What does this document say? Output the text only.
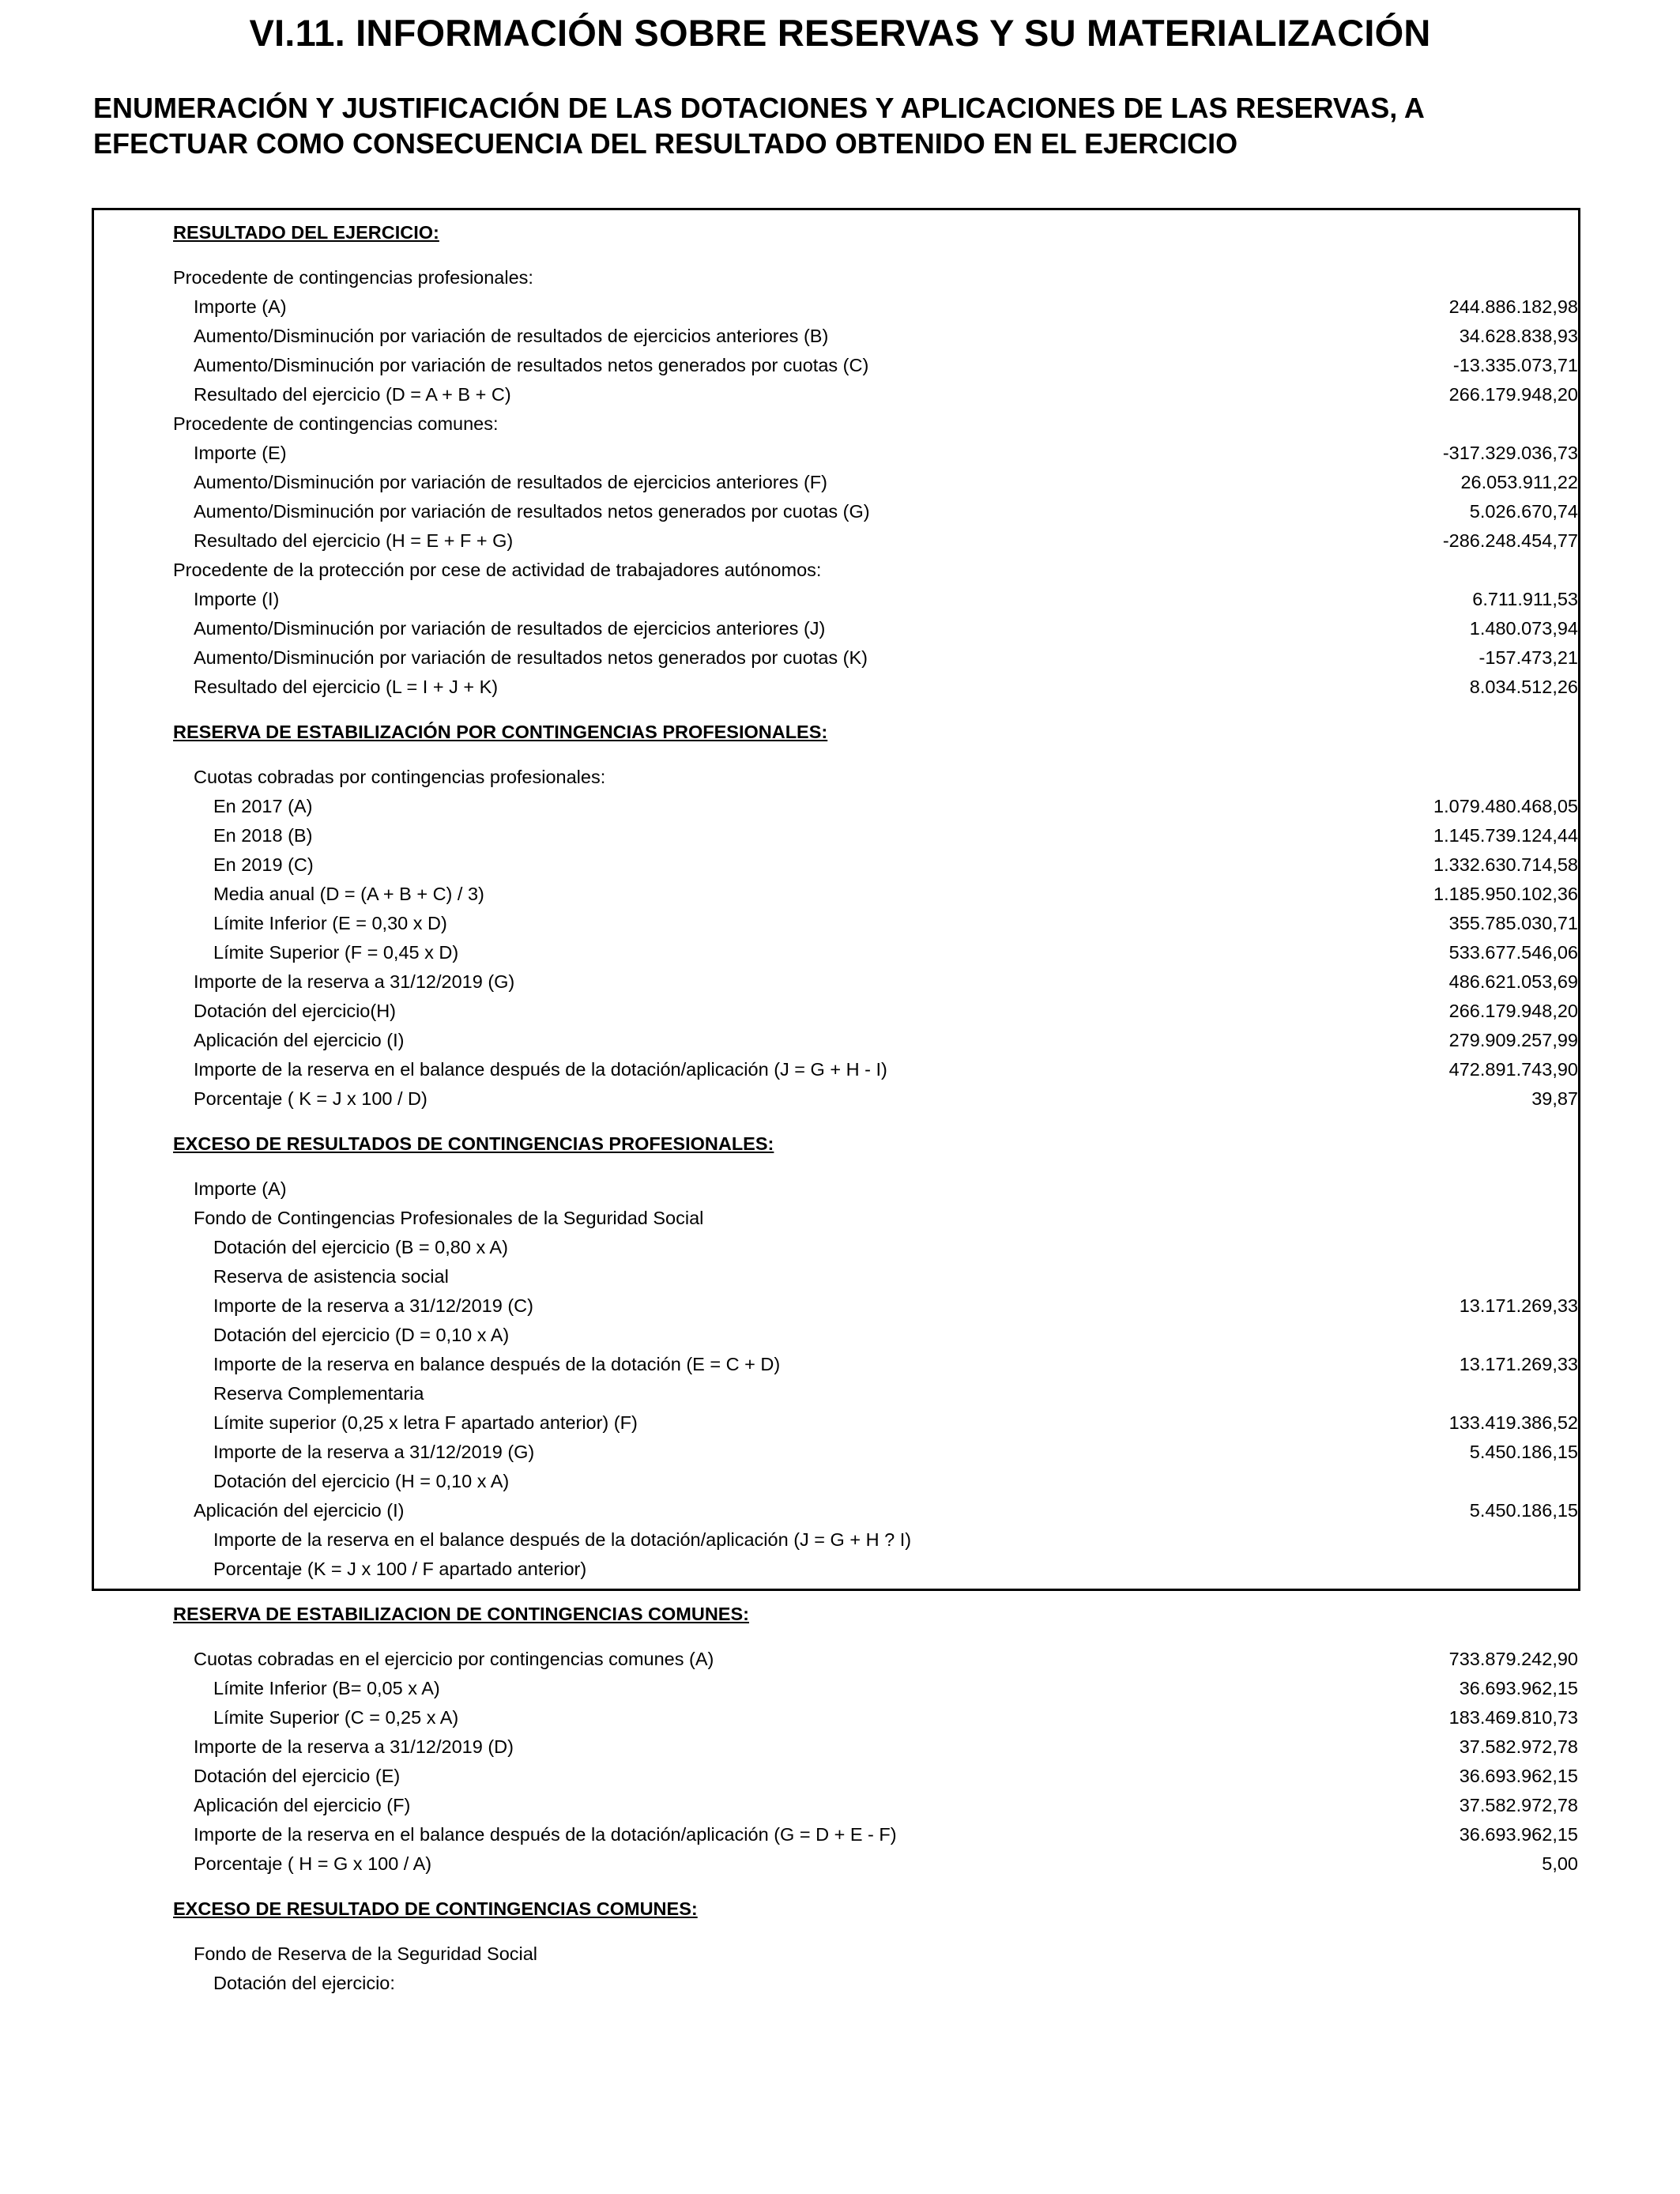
VI.11. INFORMACIÓN SOBRE RESERVAS Y SU MATERIALIZACIÓN
ENUMERACIÓN Y JUSTIFICACIÓN DE LAS DOTACIONES Y APLICACIONES DE LAS RESERVAS, A
EFECTUAR COMO CONSECUENCIA DEL RESULTADO OBTENIDO EN EL EJERCICIO
RESULTADO DEL EJERCICIO:
Procedente de contingencias profesionales:
Importe (A)	244.886.182,98
Aumento/Disminución por variación de resultados de ejercicios anteriores (B)	34.628.838,93
Aumento/Disminución por variación de resultados netos generados por cuotas (C)	-13.335.073,71
Resultado del ejercicio (D = A + B + C)	266.179.948,20
Procedente de contingencias comunes:
Importe (E)	-317.329.036,73
Aumento/Disminución por variación de resultados de ejercicios anteriores (F)	26.053.911,22
Aumento/Disminución por variación de resultados netos generados por cuotas (G)	5.026.670,74
Resultado del ejercicio (H = E + F + G)	-286.248.454,77
Procedente de la protección por cese de actividad de trabajadores autónomos:
Importe (I)	6.711.911,53
Aumento/Disminución por variación de resultados de ejercicios anteriores (J)	1.480.073,94
Aumento/Disminución por variación de resultados netos generados por cuotas (K)	-157.473,21
Resultado del ejercicio (L = I + J + K)	8.034.512,26
RESERVA DE ESTABILIZACIÓN POR CONTINGENCIAS PROFESIONALES:
Cuotas cobradas por contingencias profesionales:
En 2017 (A)	1.079.480.468,05
En 2018 (B)	1.145.739.124,44
En 2019 (C)	1.332.630.714,58
Media anual (D = (A + B + C) / 3)	1.185.950.102,36
Límite Inferior (E = 0,30 x D)	355.785.030,71
Límite Superior (F = 0,45 x D)	533.677.546,06
Importe de la reserva a 31/12/2019 (G)	486.621.053,69
Dotación del ejercicio(H)	266.179.948,20
Aplicación del ejercicio (I)	279.909.257,99
Importe de la reserva en el balance después de la dotación/aplicación (J = G + H - I)	472.891.743,90
Porcentaje ( K = J x 100 / D)	39,87
EXCESO DE RESULTADOS DE CONTINGENCIAS PROFESIONALES:
Importe (A)
Fondo de Contingencias Profesionales de la Seguridad Social
Dotación del ejercicio (B = 0,80 x A)
Reserva de asistencia social
Importe de la reserva a 31/12/2019 (C)	13.171.269,33
Dotación del ejercicio (D = 0,10 x A)
Importe de la reserva en balance después de la dotación (E = C + D)	13.171.269,33
Reserva Complementaria
Límite superior (0,25 x letra F apartado anterior) (F)	133.419.386,52
Importe de la reserva a 31/12/2019 (G)	5.450.186,15
Dotación del ejercicio (H = 0,10 x A)
Aplicación del ejercicio (I)	5.450.186,15
Importe de la reserva en el balance después de la dotación/aplicación (J = G + H ? I)
Porcentaje (K = J x 100 / F apartado anterior)
RESERVA DE ESTABILIZACION DE CONTINGENCIAS COMUNES:
Cuotas cobradas en el ejercicio por contingencias comunes (A)	733.879.242,90
Límite Inferior (B= 0,05 x A)	36.693.962,15
Límite Superior (C = 0,25 x A)	183.469.810,73
Importe de la reserva a 31/12/2019 (D)	37.582.972,78
Dotación del ejercicio (E)	36.693.962,15
Aplicación del ejercicio (F)	37.582.972,78
Importe de la reserva en el balance después de la dotación/aplicación (G = D + E - F)	36.693.962,15
Porcentaje ( H = G x 100 / A)	5,00
EXCESO DE RESULTADO DE CONTINGENCIAS COMUNES:
Fondo de Reserva de la Seguridad Social
Dotación del ejercicio:
